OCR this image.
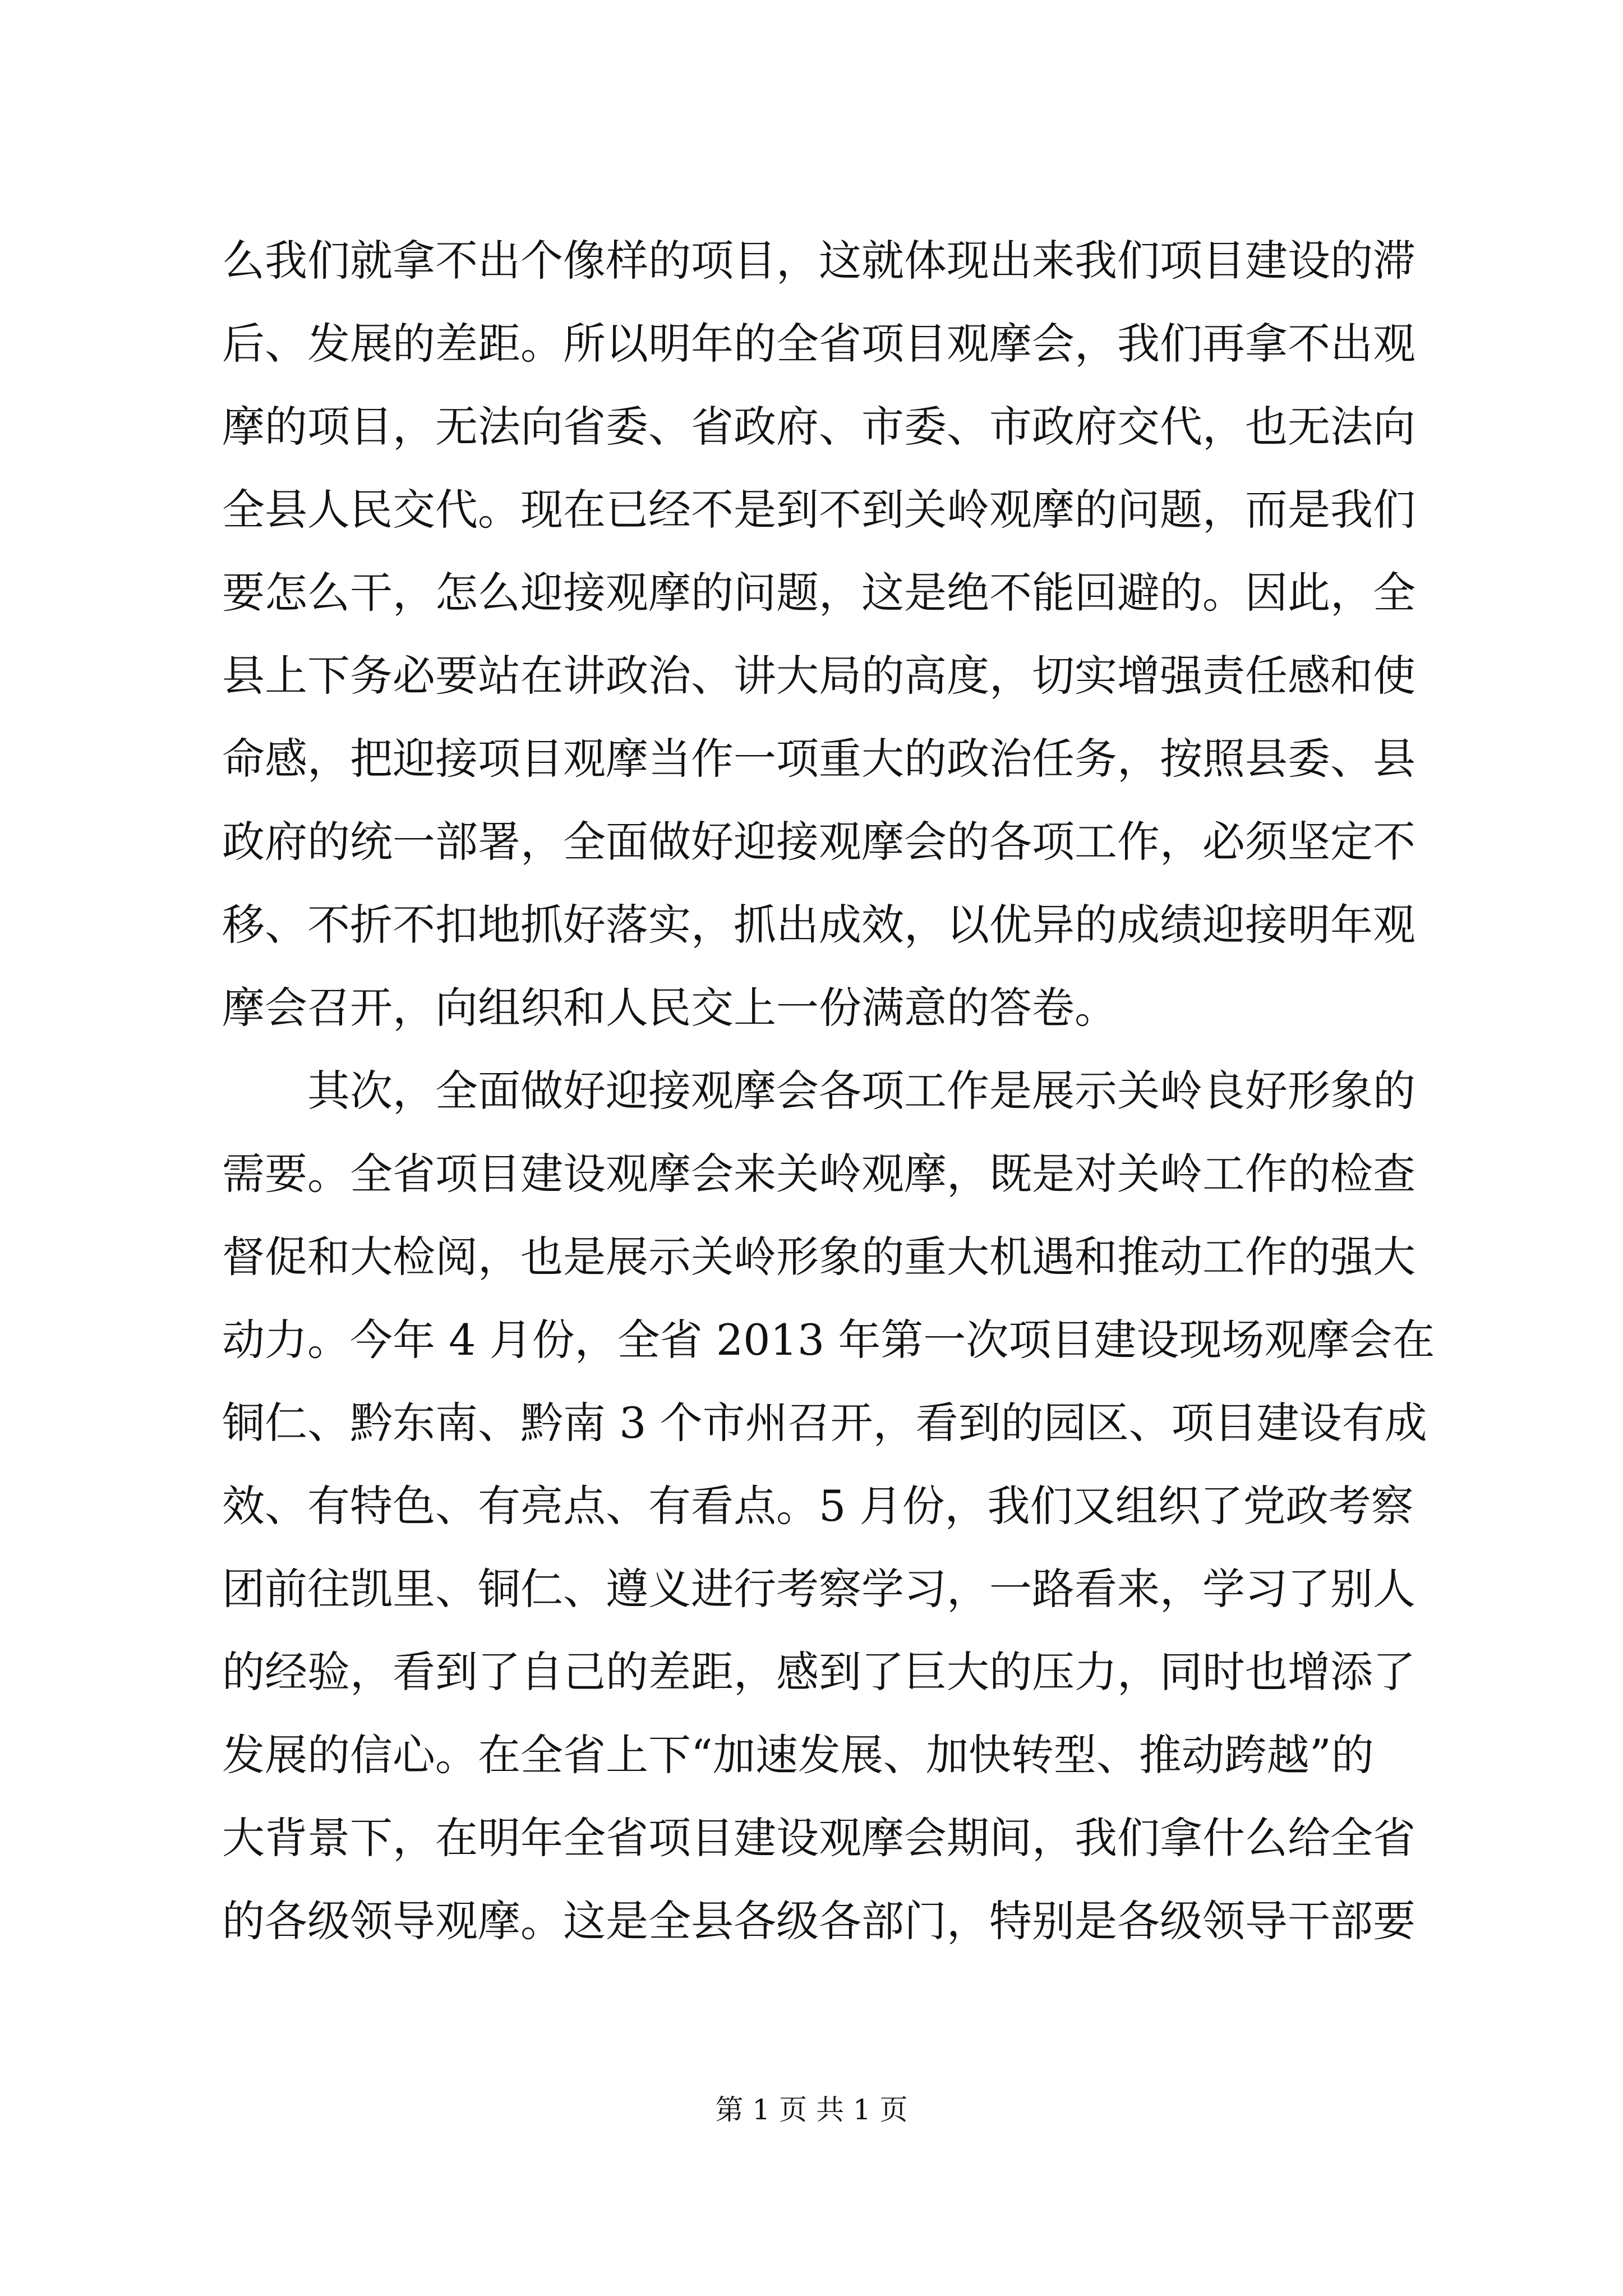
么我们就拿不出个像样的项目，这就体现出来我们项目建设的滞
后、发展的差距。所以明年的全省项目观摩会，我们再拿不出观
摩的项目，无法向省委、省政府、市委、市政府交代，也无法向
全县人民交代。现在已经不是到不到关岭观摩的问题，而是我们
要怎么干，怎么迎接观摩的问题，这是绝不能回避的。因此，全
县上下务必要站在讲政治、讲大局的高度，切实增强责任感和使
命感，把迎接项目观摩当作一项重大的政治任务，按照县委、县
政府的统一部署，全面做好迎接观摩会的各项工作，必须坚定不
移、不折不扣地抓好落实，抓出成效，以优异的成绩迎接明年观
摩会召开，向组织和人民交上一份满意的答卷。
　　其次，全面做好迎接观摩会各项工作是展示关岭良好形象的
需要。全省项目建设观摩会来关岭观摩，既是对关岭工作的检查
督促和大检阅，也是展示关岭形象的重大机遇和推动工作的强大
动力。今年 4 月份，全省 2013 年第一次项目建设现场观摩会在
铜仁、黔东南、黔南 3 个市州召开，看到的园区、项目建设有成
效、有特色、有亮点、有看点。5 月份，我们又组织了党政考察
团前往凯里、铜仁、遵义进行考察学习，一路看来，学习了别人
的经验，看到了自己的差距，感到了巨大的压力，同时也增添了
发展的信心。在全省上下“加速发展、加快转型、推动跨越”的
大背景下，在明年全省项目建设观摩会期间，我们拿什么给全省
的各级领导观摩。这是全县各级各部门，特别是各级领导干部要
第 1 页 共 1 页
